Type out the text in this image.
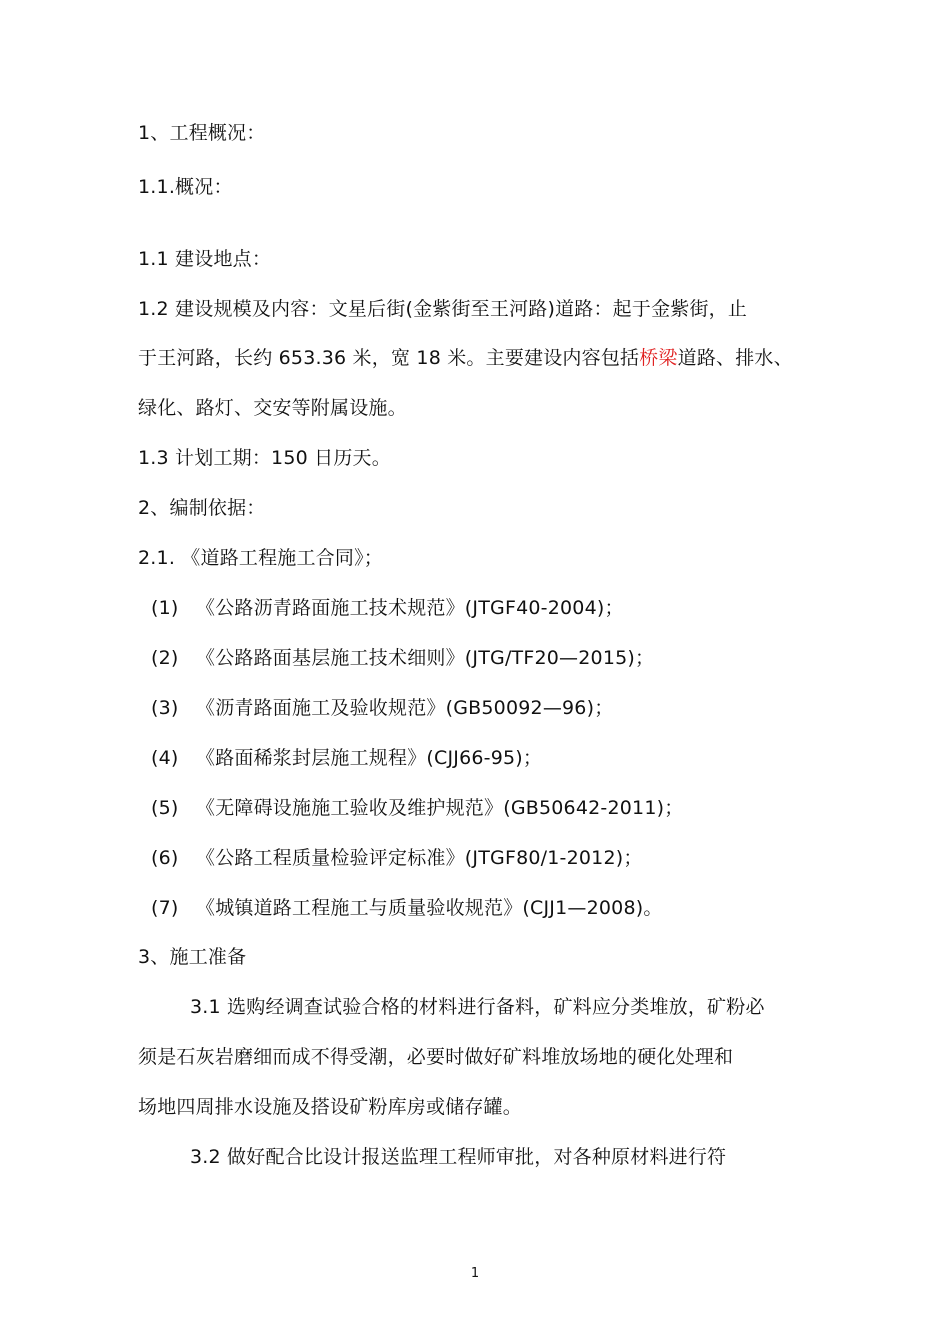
1、工程概况：
1.1.概况：
1.1 建设地点：
1.2 建设规模及内容：文星后街(金紫街至王河路)道路：起于金紫街，止
于王河路，长约 653.36 米，宽 18 米。主要建设内容包括桥梁道路、排水、
绿化、路灯、交安等附属设施。
1.3 计划工期：150 日历天。
2、编制依据：
2.1. 《道路工程施工合同》；
(1) 《公路沥青路面施工技术规范》(JTGF40-2004)；
(2) 《公路路面基层施工技术细则》(JTG/TF20—2015)；
(3) 《沥青路面施工及验收规范》(GB50092—96)；
(4) 《路面稀浆封层施工规程》(CJJ66-95)；
(5) 《无障碍设施施工验收及维护规范》(GB50642-2011)；
(6) 《公路工程质量检验评定标准》(JTGF80/1-2012)；
(7) 《城镇道路工程施工与质量验收规范》(CJJ1—2008)。
3、施工准备
3.1 选购经调查试验合格的材料进行备料，矿料应分类堆放，矿粉必
须是石灰岩磨细而成不得受潮，必要时做好矿料堆放场地的硬化处理和
场地四周排水设施及搭设矿粉库房或储存罐。
3.2 做好配合比设计报送监理工程师审批，对各种原材料进行符
1
